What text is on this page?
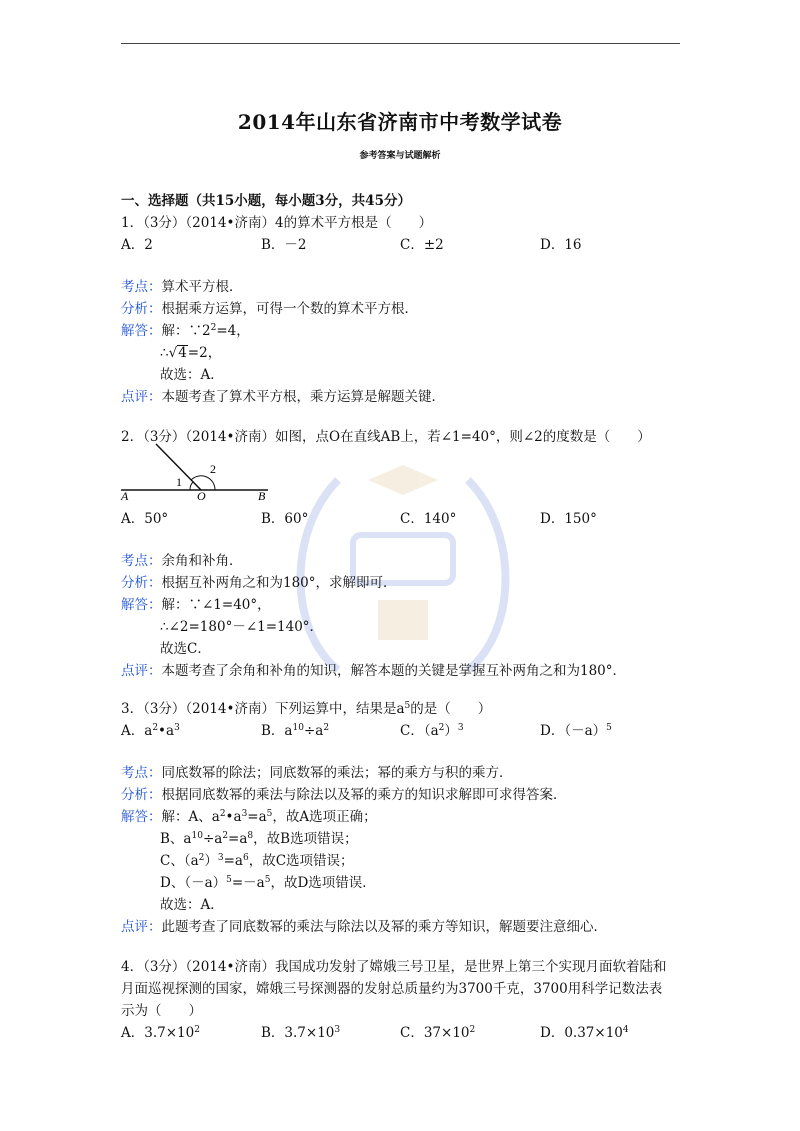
2014年山东省济南市中考数学试卷
参考答案与试题解析
一、选择题（共15小题，每小题3分，共45分）
1．（3分）（2014•济南）4的算术平方根是（　　）
A．2	B．－2	C．±2	D．16
考点：算术平方根．
分析：根据乘方运算，可得一个数的算术平方根．
解答：解：$\because 2^2=4$，
∴√4=2，
故选：A．
点评：本题考查了算术平方根，乘方运算是解题关键．
2．（3分）（2014•济南）如图，点O在直线AB上，若∠1=40°，则∠2的度数是（　　）
A	O	B
1
2
A．50°	B．60°	C．140°	D．150°
考点：余角和补角．
分析：根据互补两角之和为180°，求解即可．
解答：解：∵∠1=40°，
∴∠2=180°－∠1=140°．
故选C．
点评：本题考查了余角和补角的知识，解答本题的关键是掌握互补两角之和为180°．
3．（3分）（2014•济南）下列运算中，结果是$a^5$的是（　　）
A．$a^2•a^3$	B．$a^{10}\div a^2$	C．$(a^2)^3$	D．$(-a)^5$
考点：同底数幂的除法；同底数幂的乘法；幂的乘方与积的乘方．
分析：根据同底数幂的乘法与除法以及幂的乘方的知识求解即可求得答案．
解答：解：A、$a^2•a^3=a^5$，故A选项正确；
B、$a^{10}\div a^2=a^8$，故B选项错误；
C、$(a^2)^3=a^6$，故C选项错误；
D、$(-a)^5=-a^5$，故D选项错误．
故选：A．
点评：此题考查了同底数幂的乘法与除法以及幂的乘方等知识，解题要注意细心．
4．（3分）（2014•济南）我国成功发射了嫦娥三号卫星，是世界上第三个实现月面软着陆和
月面巡视探测的国家，嫦娥三号探测器的发射总质量约为3700千克，3700用科学记数法表
示为（　　）
A．$3.7\times 10^2$	B．$3.7\times 10^3$	C．$37\times 10^2$	D．$0.37\times 10^4$
